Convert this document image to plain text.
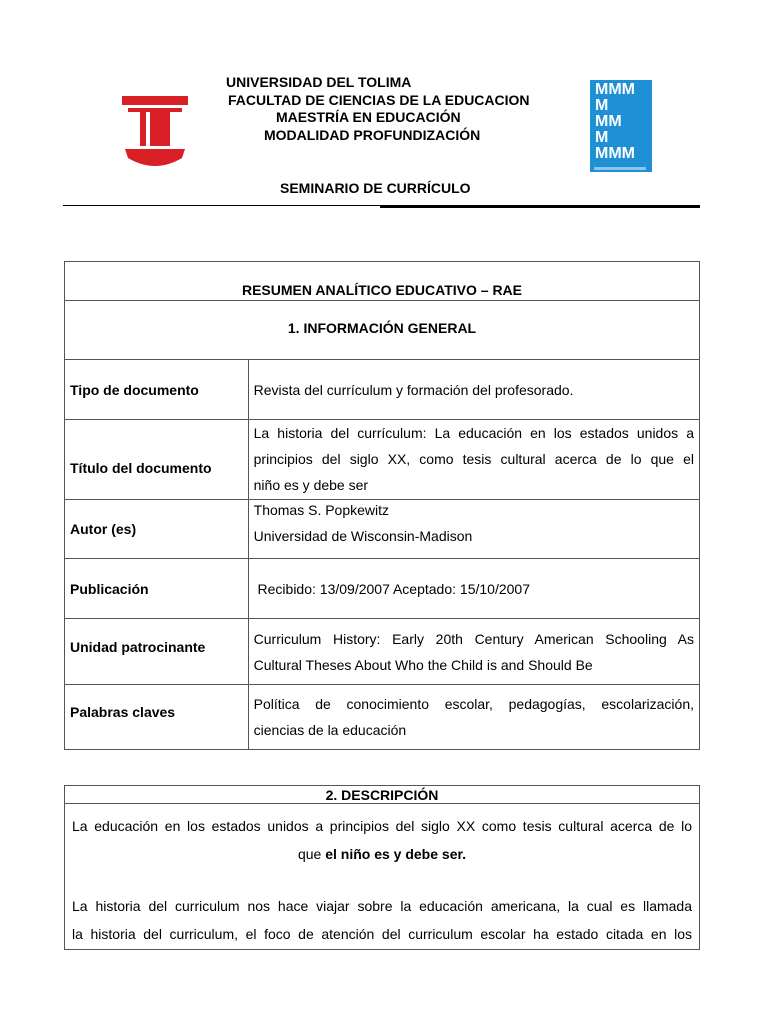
UNIVERSIDAD DEL TOLIMA
FACULTAD DE CIENCIAS DE LA EDUCACION
MAESTRÍA EN EDUCACIÓN
MODALIDAD PROFUNDIZACIÓN
MMM
M
MM
M
MMM
SEMINARIO DE CURRÍCULO
RESUMEN ANALÍTICO EDUCATIVO – RAE	
1. INFORMACIÓN GENERAL	
Tipo de documento	Revista del currículum y formación del profesorado.
Título del documento	La historia del currículum: La educación en los estados unidos a
principios del siglo XX, como tesis cultural acerca de lo que el
niño es y debe ser

Autor (es)	Thomas S. Popkewitz
Universidad de Wisconsin-Madison

Publicación	Recibido: 13/09/2007 Aceptado: 15/10/2007
Unidad patrocinante	Curriculum History: Early 20th Century American Schooling As
Cultural Theses About Who the Child is and Should Be

Palabras claves	Política de conocimiento escolar, pedagogías, escolarización,
ciencias de la educación
2. DESCRIPCIÓN

La educación en los estados unidos a principios del siglo XX como tesis cultural acerca de lo

que el niño es y debe ser.

La historia del curriculum nos hace viajar sobre la educación americana, la cual es llamada

la historia del curriculum, el foco de atención del curriculum escolar ha estado citada en los
